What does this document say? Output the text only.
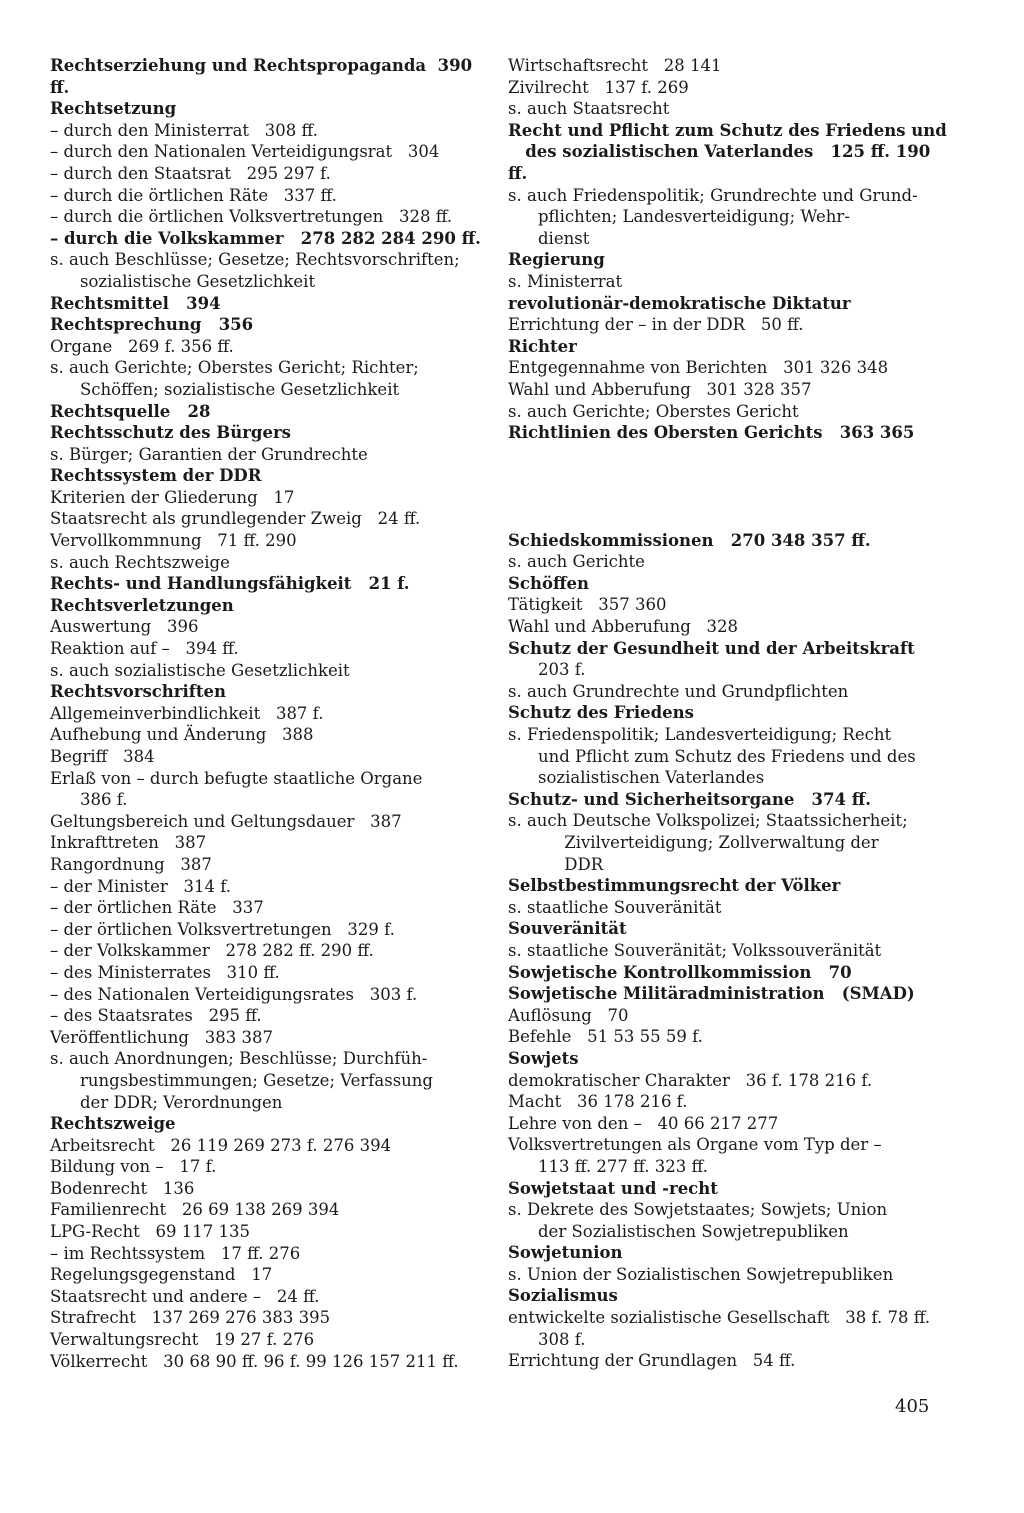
Rechtserziehung und Rechtspropaganda  390 ff.
Rechtsetzung
– durch den Ministerrat   308 ff.
– durch den Nationalen Verteidigungsrat   304
– durch den Staatsrat   295 297 f.
– durch die örtlichen Räte   337 ff.
– durch die örtlichen Volksvertretungen   328 ff.
– durch die Volkskammer   278 282 284 290 ff.
s. auch Beschlüsse; Gesetze; Rechtsvorschriften;
sozialistische Gesetzlichkeit
Rechtsmittel   394
Rechtsprechung   356
Organe   269 f. 356 ff.
s. auch Gerichte; Oberstes Gericht; Richter;
Schöffen; sozialistische Gesetzlichkeit
Rechtsquelle   28
Rechtsschutz des Bürgers
s. Bürger; Garantien der Grundrechte
Rechtssystem der DDR
Kriterien der Gliederung   17
Staatsrecht als grundlegender Zweig   24 ff.
Vervollkommnung   71 ff. 290
s. auch Rechtszweige
Rechts- und Handlungsfähigkeit   21 f.
Rechtsverletzungen
Auswertung   396
Reaktion auf –   394 ff.
s. auch sozialistische Gesetzlichkeit
Rechtsvorschriften
Allgemeinverbindlichkeit   387 f.
Aufhebung und Änderung   388
Begriff   384
Erlaß von – durch befugte staatliche Organe
386 f.
Geltungsbereich und Geltungsdauer   387
Inkrafttreten   387
Rangordnung   387
– der Minister   314 f.
– der örtlichen Räte   337
– der örtlichen Volksvertretungen   329 f.
– der Volkskammer   278 282 ff. 290 ff.
– des Ministerrates   310 ff.
– des Nationalen Verteidigungsrates   303 f.
– des Staatsrates   295 ff.
Veröffentlichung   383 387
s. auch Anordnungen; Beschlüsse; Durchfüh-
rungsbestimmungen; Gesetze; Verfassung
der DDR; Verordnungen
Rechtszweige
Arbeitsrecht   26 119 269 273 f. 276 394
Bildung von –   17 f.
Bodenrecht   136
Familienrecht   26 69 138 269 394
LPG-Recht   69 117 135
– im Rechtssystem   17 ff. 276
Regelungsgegenstand   17
Staatsrecht und andere –   24 ff.
Strafrecht   137 269 276 383 395
Verwaltungsrecht   19 27 f. 276
Völkerrecht   30 68 90 ff. 96 f. 99 126 157 211 ff.
Wirtschaftsrecht   28 141
Zivilrecht   137 f. 269
s. auch Staatsrecht
Recht und Pflicht zum Schutz des Friedens und
des sozialistischen Vaterlandes   125 ff. 190 ff.
s. auch Friedenspolitik; Grundrechte und Grund-
pflichten; Landesverteidigung; Wehr-
dienst
Regierung
s. Ministerrat
revolutionär-demokratische Diktatur
Errichtung der – in der DDR   50 ff.
Richter
Entgegennahme von Berichten   301 326 348
Wahl und Abberufung   301 328 357
s. auch Gerichte; Oberstes Gericht
Richtlinien des Obersten Gerichts   363 365
Schiedskommissionen   270 348 357 ff.
s. auch Gerichte
Schöffen
Tätigkeit   357 360
Wahl und Abberufung   328
Schutz der Gesundheit und der Arbeitskraft
203 f.
s. auch Grundrechte und Grundpflichten
Schutz des Friedens
s. Friedenspolitik; Landesverteidigung; Recht
und Pflicht zum Schutz des Friedens und des
sozialistischen Vaterlandes
Schutz- und Sicherheitsorgane   374 ff.
s. auch Deutsche Volkspolizei; Staatssicherheit;
Zivilverteidigung; Zollverwaltung der
DDR
Selbstbestimmungsrecht der Völker
s. staatliche Souveränität
Souveränität
s. staatliche Souveränität; Volkssouveränität
Sowjetische Kontrollkommission   70
Sowjetische Militäradministration   (SMAD)
Auflösung   70
Befehle   51 53 55 59 f.
Sowjets
demokratischer Charakter   36 f. 178 216 f.
Macht   36 178 216 f.
Lehre von den –   40 66 217 277
Volksvertretungen als Organe vom Typ der –
113 ff. 277 ff. 323 ff.
Sowjetstaat und -recht
s. Dekrete des Sowjetstaates; Sowjets; Union
der Sozialistischen Sowjetrepubliken
Sowjetunion
s. Union der Sozialistischen Sowjetrepubliken
Sozialismus
entwickelte sozialistische Gesellschaft   38 f. 78 ff.
308 f.
Errichtung der Grundlagen   54 ff.
405
